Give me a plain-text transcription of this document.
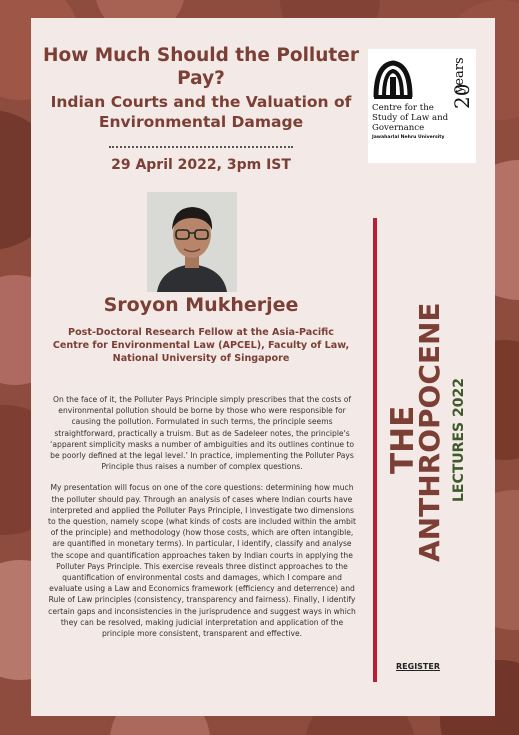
How Much Should the Polluter Pay?
Indian Courts and the Valuation of Environmental Damage
29 April 2022, 3pm IST
Sroyon Mukherjee
Post-Doctoral Research Fellow at the Asia-Pacific Centre for Environmental Law (APCEL), Faculty of Law, National University of Singapore

On the face of it, the Polluter Pays Principle simply prescribes that the costs of environmental pollution should be borne by those who were responsible for causing the pollution. Formulated in such terms, the principle seems straightforward, practically a truism. But as de Sadeleer notes, the principle's ‘apparent simplicity masks a number of ambiguities and its outlines continue to be poorly defined at the legal level.’ In practice, implementing the Polluter Pays Principle thus raises a number of complex questions.

My presentation will focus on one of the core questions: determining how much the polluter should pay. Through an analysis of cases where Indian courts have interpreted and applied the Polluter Pays Principle, I investigate two dimensions to the question, namely scope (what kinds of costs are included within the ambit of the principle) and methodology (how those costs, which are often intangible, are quantified in monetary terms). In particular, I identify, classify and analyse the scope and quantification approaches taken by Indian courts in applying the Polluter Pays Principle. This exercise reveals three distinct approaches to the quantification of environmental costs and damages, which I compare and evaluate using a Law and Economics framework (efficiency and deterrence) and Rule of Law principles (consistency, transparency and fairness). Finally, I identify certain gaps and inconsistencies in the jurisprudence and suggest ways in which they can be resolved, making judicial interpretation and application of the principle more consistent, transparent and effective.

REGISTER
20
years
Centre for the
Study of Law and
Governance
Jawaharlal Nehru University
THE
ANTHROPOCENE LECTURES 2022
